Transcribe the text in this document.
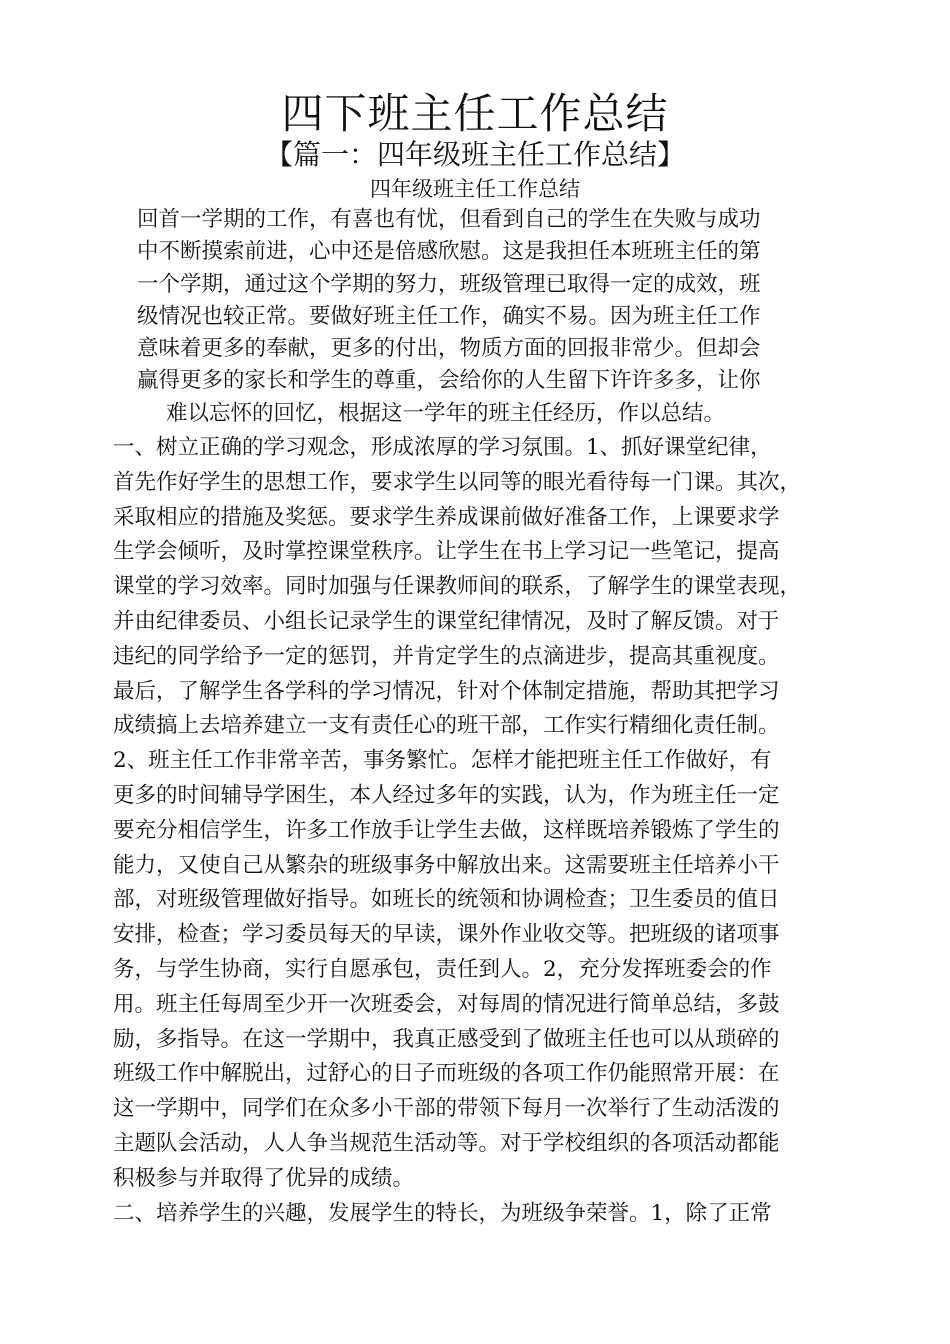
四下班主任工作总结
【篇一：四年级班主任工作总结】
四年级班主任工作总结
回首一学期的工作，有喜也有忧，但看到自己的学生在失败与成功
中不断摸索前进，心中还是倍感欣慰。这是我担任本班班主任的第
一个学期，通过这个学期的努力，班级管理已取得一定的成效，班
级情况也较正常。要做好班主任工作，确实不易。因为班主任工作
意味着更多的奉献，更多的付出，物质方面的回报非常少。但却会
赢得更多的家长和学生的尊重，会给你的人生留下许许多多，让你
难以忘怀的回忆，根据这一学年的班主任经历，作以总结。
一、树立正确的学习观念，形成浓厚的学习氛围。1、抓好课堂纪律，
首先作好学生的思想工作，要求学生以同等的眼光看待每一门课。其次，
采取相应的措施及奖惩。要求学生养成课前做好准备工作，上课要求学
生学会倾听，及时掌控课堂秩序。让学生在书上学习记一些笔记，提高
课堂的学习效率。同时加强与任课教师间的联系，了解学生的课堂表现，
并由纪律委员、小组长记录学生的课堂纪律情况，及时了解反馈。对于
违纪的同学给予一定的惩罚，并肯定学生的点滴进步，提高其重视度。
最后，了解学生各学科的学习情况，针对个体制定措施，帮助其把学习
成绩搞上去培养建立一支有责任心的班干部，工作实行精细化责任制。
2、班主任工作非常辛苦，事务繁忙。怎样才能把班主任工作做好，有
更多的时间辅导学困生，本人经过多年的实践，认为，作为班主任一定
要充分相信学生，许多工作放手让学生去做，这样既培养锻炼了学生的
能力，又使自己从繁杂的班级事务中解放出来。这需要班主任培养小干
部，对班级管理做好指导。如班长的统领和协调检查；卫生委员的值日
安排，检查；学习委员每天的早读，课外作业收交等。把班级的诸项事
务，与学生协商，实行自愿承包，责任到人。2，充分发挥班委会的作
用。班主任每周至少开一次班委会，对每周的情况进行简单总结，多鼓
励，多指导。在这一学期中，我真正感受到了做班主任也可以从琐碎的
班级工作中解脱出，过舒心的日子而班级的各项工作仍能照常开展：在
这一学期中，同学们在众多小干部的带领下每月一次举行了生动活泼的
主题队会活动，人人争当规范生活动等。对于学校组织的各项活动都能
积极参与并取得了优异的成绩。
二、培养学生的兴趣，发展学生的特长，为班级争荣誉。1，除了正常
